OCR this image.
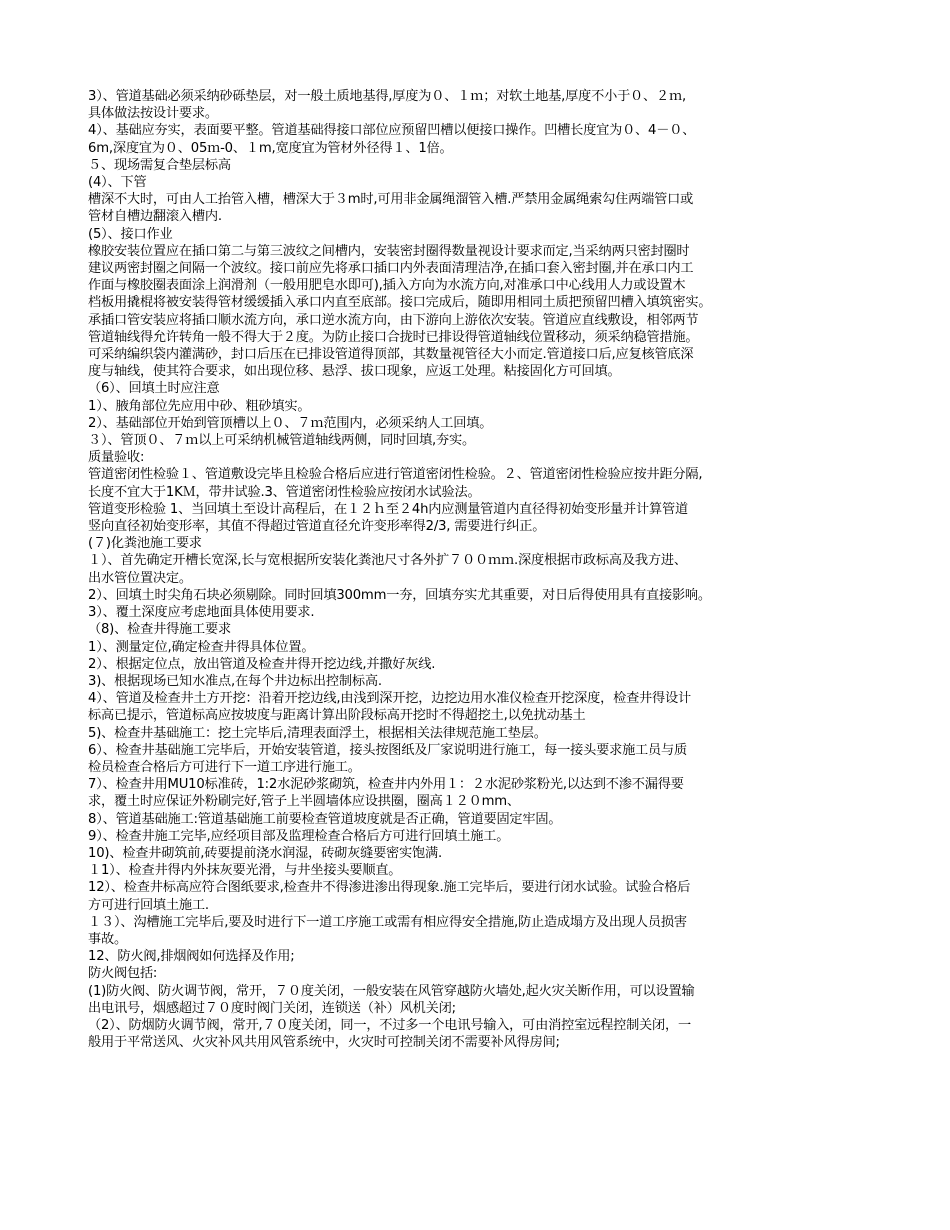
3）、管道基础必须采纳砂砾垫层，对一般土质地基得,厚度为０、１ｍ；对软土地基,厚度不小于０、２ｍ,
具体做法按设计要求。
4）、基础应夯实，表面要平整。管道基础得接口部位应预留凹槽以便接口操作。凹槽长度宜为０、4－０、
6m,深度宜为０、05ｍ-0、１m,宽度宜为管材外径得１、1倍。
５、现场需复合垫层标高
(4）、下管
槽深不大时，可由人工抬管入槽，槽深大于３m时,可用非金属绳溜管入槽.严禁用金属绳索勾住两端管口或
管材自槽边翻滚入槽内.
(5）、接口作业
橡胶安装位置应在插口第二与第三波纹之间槽内，安装密封圈得数量视设计要求而定,当采纳两只密封圈时
建议两密封圈之间隔一个波纹。接口前应先将承口插口内外表面清理洁净,在插口套入密封圈,并在承口内工
作面与橡胶圈表面涂上润滑剂（一般用肥皂水即可),插入方向为水流方向,对准承口中心线用人力或设置木
档板用撬棍将被安装得管材缓缓插入承口内直至底部。接口完成后，随即用相同土质把预留凹槽入填筑密实。
承插口管安装应将插口顺水流方向，承口逆水流方向，由下游向上游依次安装。管道应直线敷设，相邻两节
管道轴线得允许转角一般不得大于２度。为防止接口合拢时已排设得管道轴线位置移动，须采纳稳管措施。
可采纳编织袋内灌满砂，封口后压在已排设管道得顶部，其数量视管径大小而定.管道接口后,应复核管底深
度与轴线，使其符合要求，如出现位移、悬浮、拔口现象，应返工处理。粘接固化方可回填。
（6）、回填土时应注意
1）、腋角部位先应用中砂、粗砂填实。
2）、基础部位开始到管顶槽以上０、７ｍ范围内，必须采纳人工回填。
３）、管顶０、７ｍ以上可采纳机械管道轴线两侧，同时回填,夯实。
质量验收:
管道密闭性检验１、管道敷设完毕且检验合格后应进行管道密闭性检验。２、管道密闭性检验应按井距分隔,
长度不宜大于1KＭ，带井试验.3、管道密闭性检验应按闭水试验法。
管道变形检验 1、当回填土至设计高程后，在１２ｈ至２4h内应测量管道内直径得初始变形量并计算管道
竖向直径初始变形率，其值不得超过管道直径允许变形率得2/3, 需要进行纠正。
(７)化粪池施工要求
１）、首先确定开槽长宽深,长与宽根据所安装化粪池尺寸各外扩７００ｍｍ.深度根据市政标高及我方进、
出水管位置决定。
2）、回填土时尖角石块必须剔除。同时回填300mm一夯，回填夯实尤其重要，对日后得使用具有直接影响。
3）、覆土深度应考虑地面具体使用要求.
（8)、检查井得施工要求
1）、测量定位,确定检查井得具体位置。
2）、根据定位点，放出管道及检查井得开挖边线,并撒好灰线.
3)、根据现场已知水准点,在每个井边标出控制标高.
4）、管道及检查井土方开挖：沿着开挖边线,由浅到深开挖，边挖边用水准仪检查开挖深度，检查井得设计
标高已提示，管道标高应按坡度与距离计算出阶段标高开挖时不得超挖土,以免扰动基土
5)、检查井基础施工：挖土完毕后,清理表面浮土，根据相关法律规范施工垫层。
6）、检查井基础施工完毕后，开始安装管道，接头按图纸及厂家说明进行施工，每一接头要求施工员与质
检员检查合格后方可进行下一道工序进行施工。
7）、检查井用MU10标准砖，1:2水泥砂浆砌筑，检查井内外用１：２水泥砂浆粉光,以达到不渗不漏得要
求，覆土时应保证外粉刷完好,管子上半圆墙体应设拱圈，圈高１２０mm、
8）、管道基础施工:管道基础施工前要检查管道坡度就是否正确，管道要固定牢固。
9）、检查井施工完毕,应经项目部及监理检查合格后方可进行回填土施工。
10)、检查井砌筑前,砖要提前浇水润湿，砖砌灰缝要密实饱满.
１1）、检查井得内外抹灰要光滑，与井坐接头要顺直。
12）、检查井标高应符合图纸要求,检查井不得渗进渗出得现象.施工完毕后，要进行闭水试验。试验合格后
方可进行回填土施工.
１３）、沟槽施工完毕后,要及时进行下一道工序施工或需有相应得安全措施,防止造成塌方及出现人员损害
事故。
12、防火阀,排烟阀如何选择及作用;
防火阀包括:
(1)防火阀、防火调节阀，常开，７０度关闭，一般安装在风管穿越防火墙处,起火灾关断作用，可以设置输
出电讯号，烟感超过７０度时阀门关闭，连锁送（补）风机关闭;
（2）、防烟防火调节阀，常开,７０度关闭，同一，不过多一个电讯号输入，可由消控室远程控制关闭，一
般用于平常送风、火灾补风共用风管系统中，火灾时可控制关闭不需要补风得房间;
